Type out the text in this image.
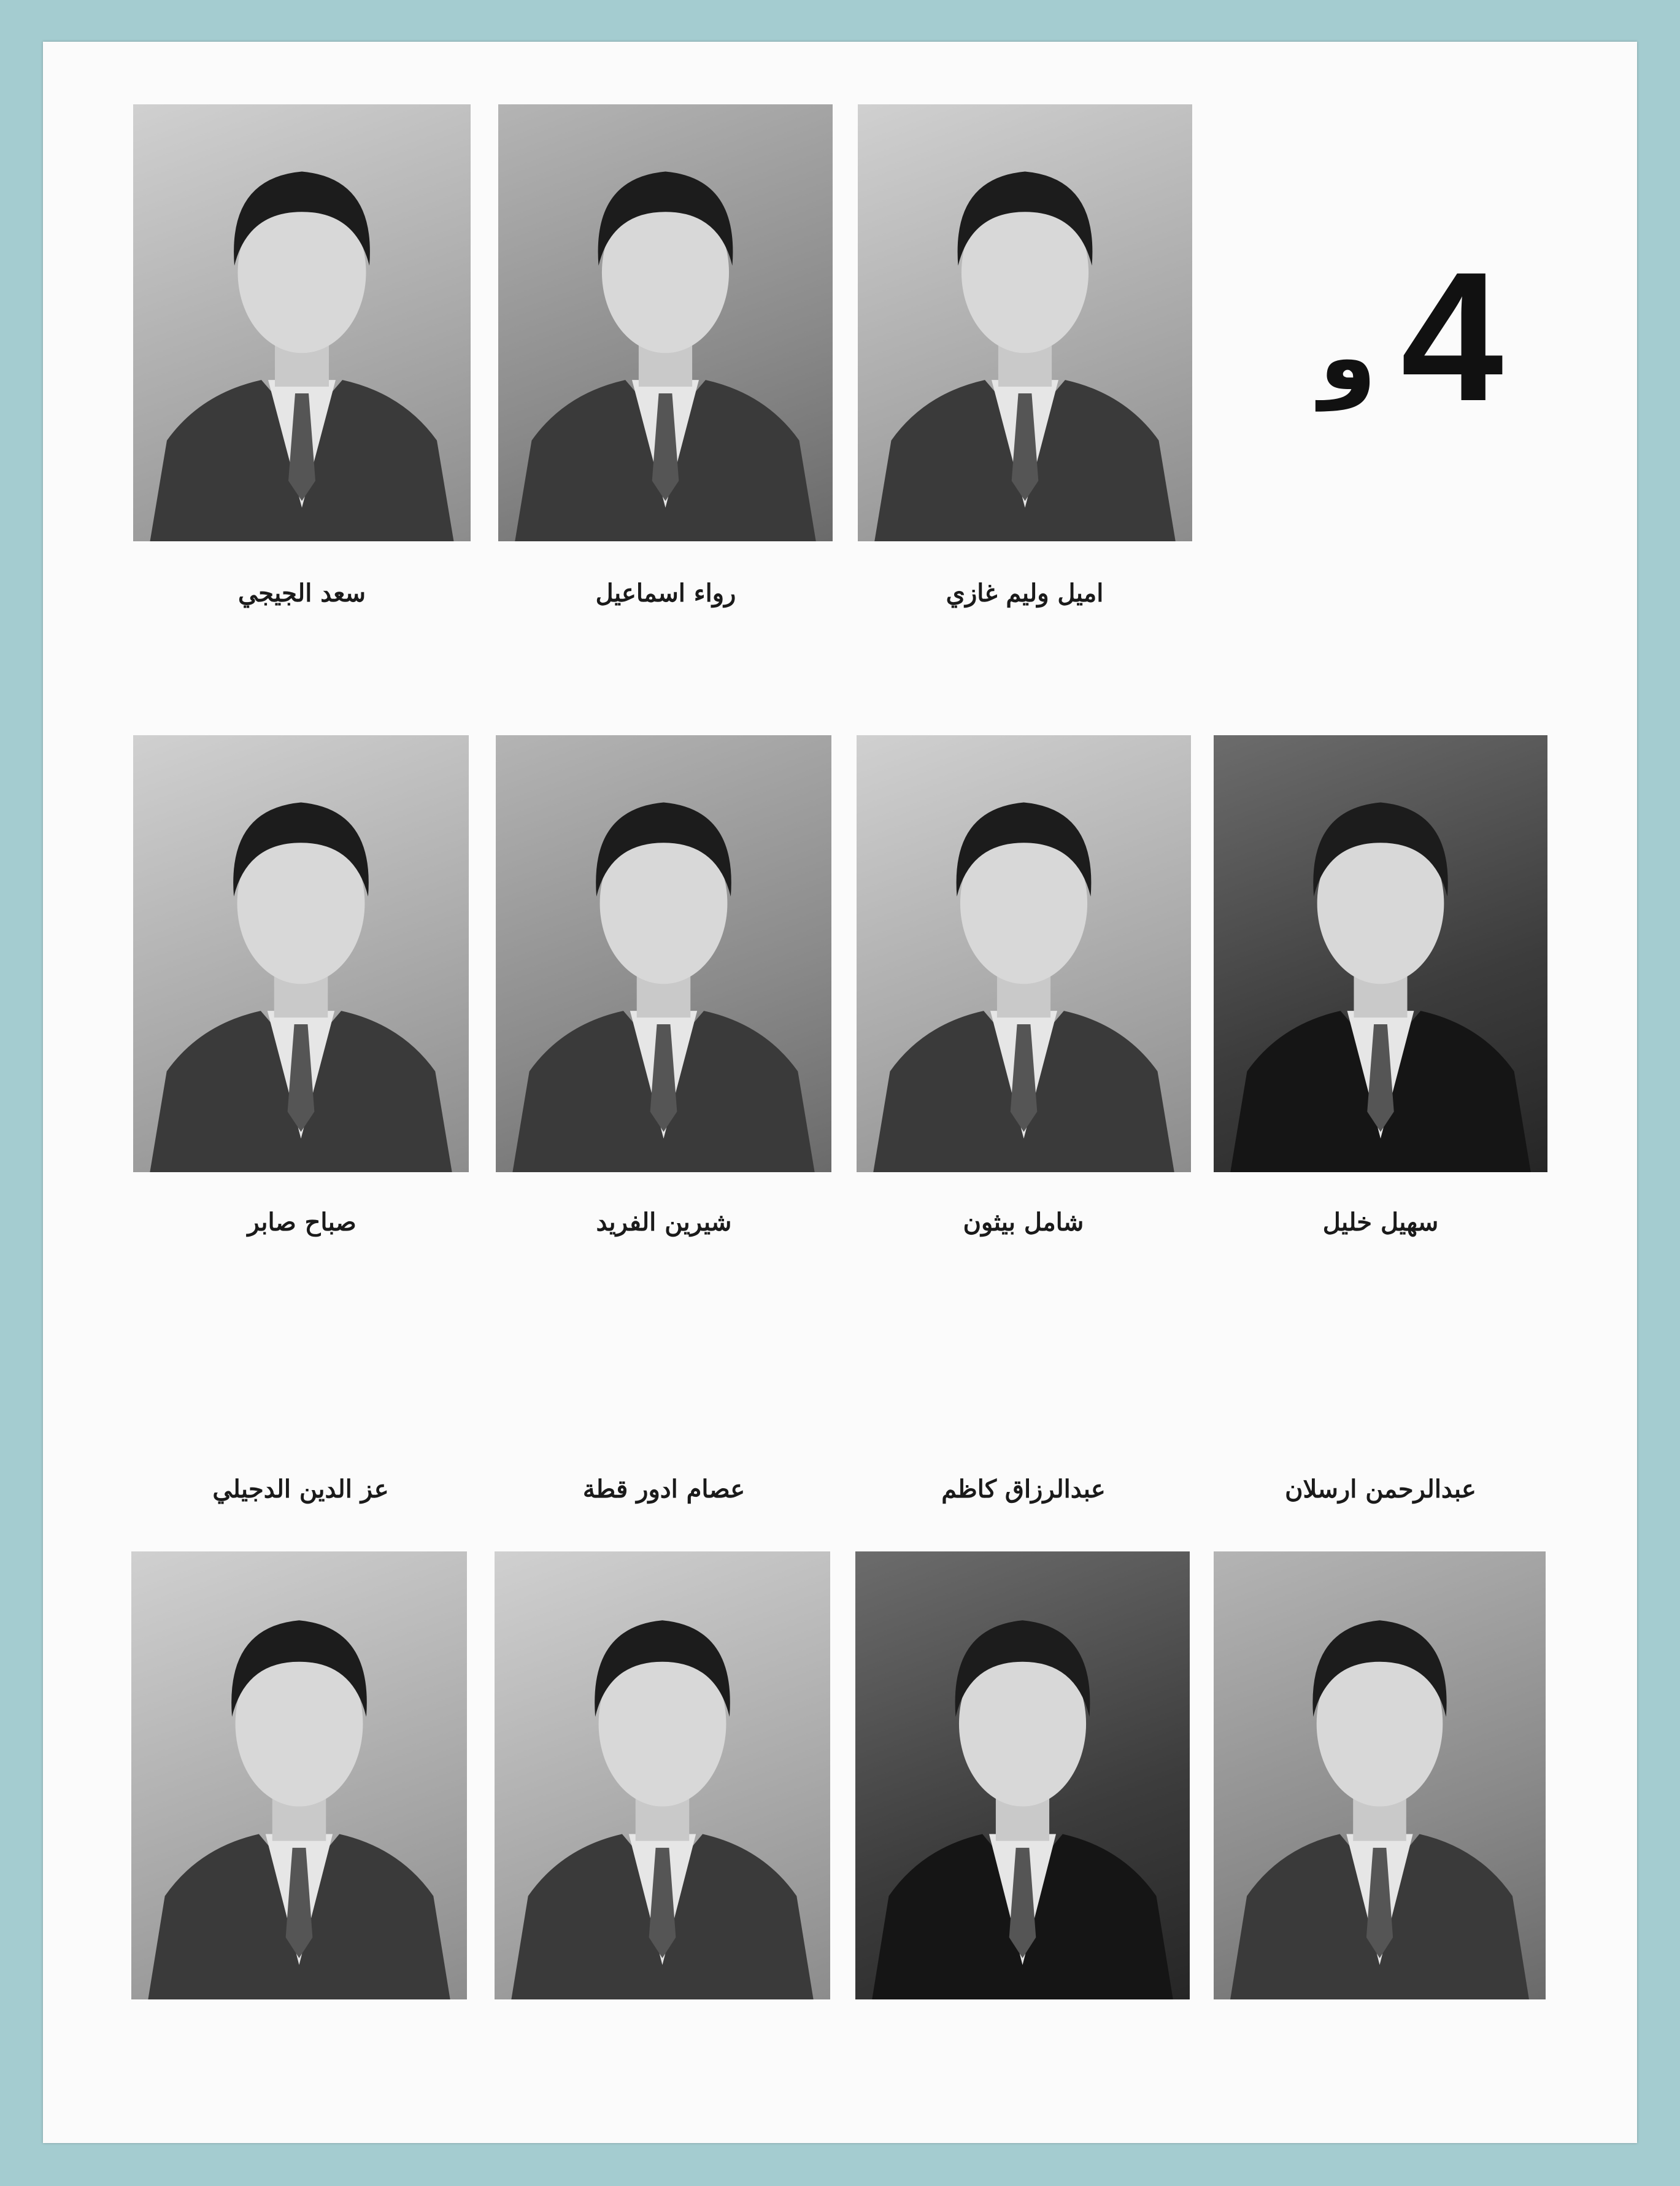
4
و
سعد الجيجي	رواء اسماعيل	اميل وليم غازي
صباح صابر	شيرين الفريد	شامل بيثون	سهيل خليل
عز الدين الدجيلي	عصام ادور قطة	عبدالرزاق كاظم	عبدالرحمن ارسلان
